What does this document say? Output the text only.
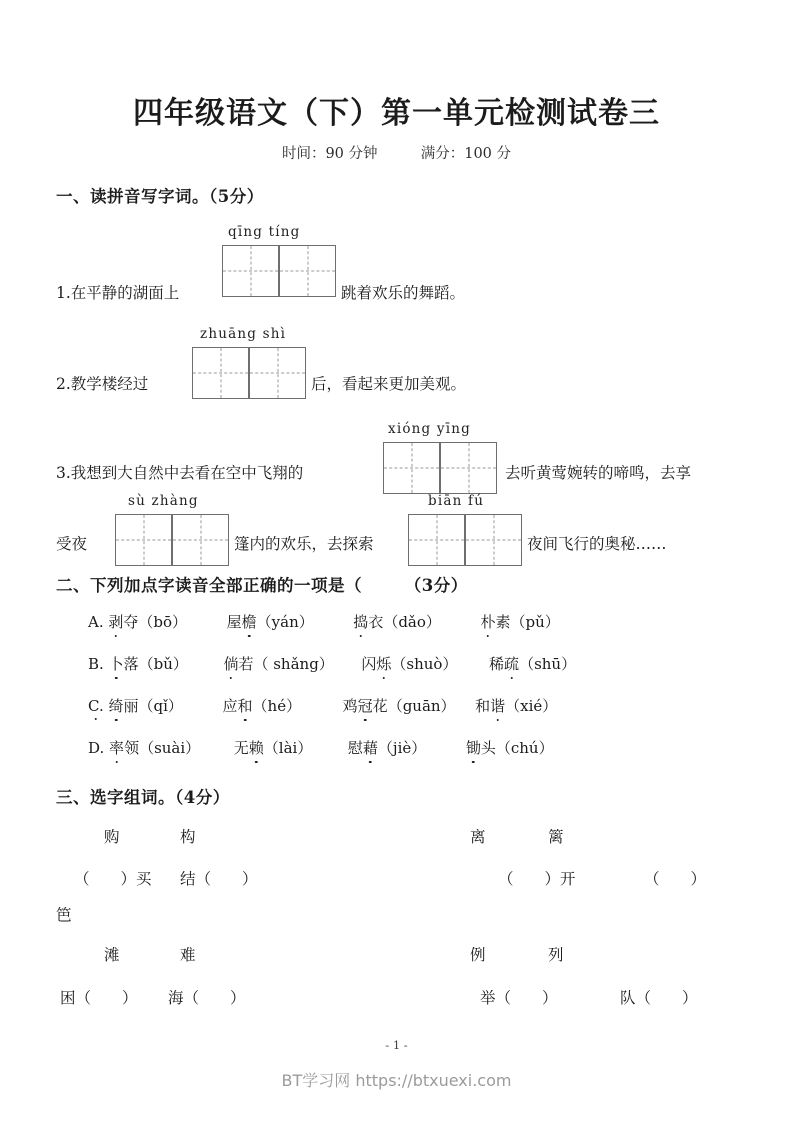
四年级语文（下）第一单元检测试卷三
时间：90 分钟	满分：100 分
一、读拼音写字词。（5分）
qīng tíng
1.在平静的湖面上	跳着欢乐的舞蹈。
zhuāng shì
2.教学楼经过	后，看起来更加美观。
xióng yīng
3.我想到大自然中去看在空中飞翔的	去听黄莺婉转的啼鸣，去享
sù zhàng	biān fú
受夜	篷内的欢乐，去探索	夜间飞行的奥秘……
二、下列加点字读音全部正确的一项是（　　　（3分）
A. 剥夺（bō）	屋檐（yán）	捣衣（dǎo）	朴素（pǔ）
B. 卜落（bǔ） 倘若（ shǎng） 闪烁（shuò） 稀疏（shū）
C. 绮丽（qǐ）	应和（hé）	鸡冠花（guān） 和谐（xié）
D. 率领（suài） 无赖（lài） 慰藉（jiè）	锄头（chú）
三、选字组词。（4分）
购	构	离	篱
（　　）买 结（　　）	（　　）开	（　　）
笆
滩	难	例	列
困（　　） 海（　　）	举（　　）	队（　　）
- 1 -
BT学习网 https://btxuexi.com
